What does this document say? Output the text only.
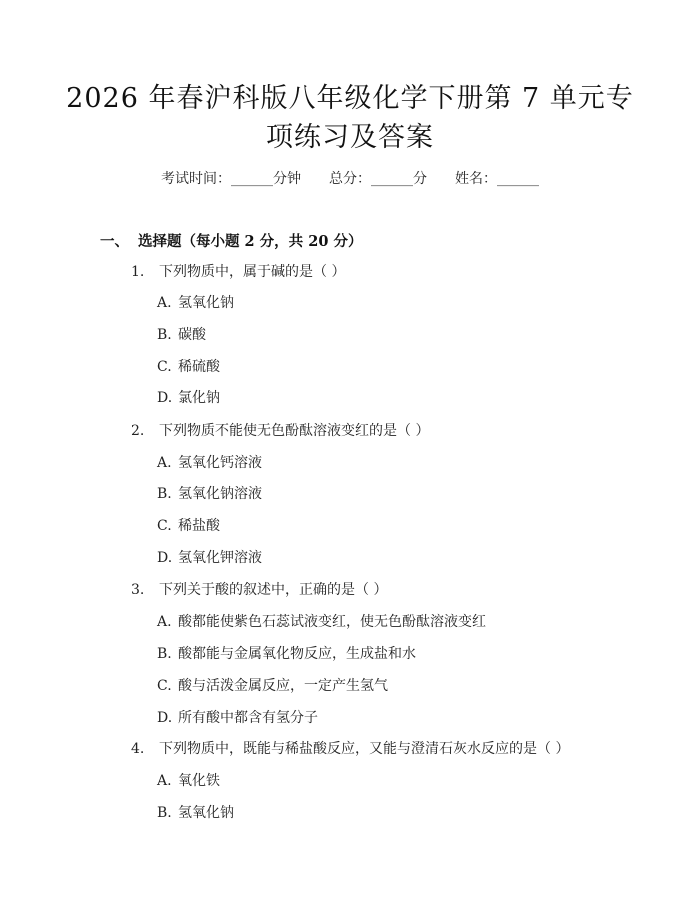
2026 年春沪科版八年级化学下册第 7 单元专
项练习及答案
考试时间：______分钟 总分：______分 姓名：______
一、 选择题（每小题 2 分，共 20 分）
1. 下列物质中，属于碱的是（ ）
A. 氢氧化钠
B. 碳酸
C. 稀硫酸
D. 氯化钠
2. 下列物质不能使无色酚酞溶液变红的是（ ）
A. 氢氧化钙溶液
B. 氢氧化钠溶液
C. 稀盐酸
D. 氢氧化钾溶液
3. 下列关于酸的叙述中，正确的是（ ）
A. 酸都能使紫色石蕊试液变红，使无色酚酞溶液变红
B. 酸都能与金属氧化物反应，生成盐和水
C. 酸与活泼金属反应，一定产生氢气
D. 所有酸中都含有氢分子
4. 下列物质中，既能与稀盐酸反应，又能与澄清石灰水反应的是（ ）
A. 氧化铁
B. 氢氧化钠
